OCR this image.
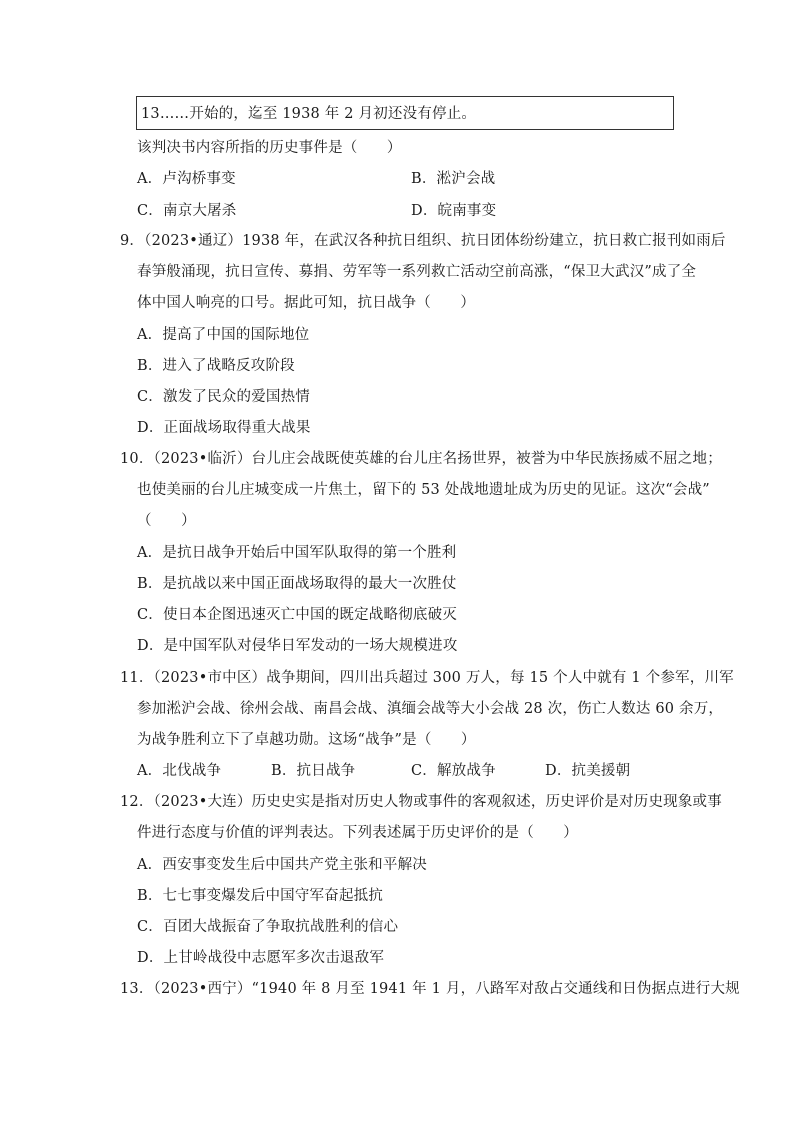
13……开始的，迄至 1938 年 2 月初还没有停止。
该判决书内容所指的历史事件是（　　）
A．卢沟桥事变	B．淞沪会战
C．南京大屠杀	D．皖南事变
9．（2023•通辽）1938 年，在武汉各种抗日组织、抗日团体纷纷建立，抗日救亡报刊如雨后
春笋般涌现，抗日宣传、募捐、劳军等一系列救亡活动空前高涨，“保卫大武汉”成了全
体中国人响亮的口号。据此可知，抗日战争（　　）
A．提高了中国的国际地位
B．进入了战略反攻阶段
C．激发了民众的爱国热情
D．正面战场取得重大战果
10．（2023•临沂）台儿庄会战既使英雄的台儿庄名扬世界，被誉为中华民族扬威不屈之地；
也使美丽的台儿庄城变成一片焦土，留下的 53 处战地遗址成为历史的见证。这次“会战”
（　　）
A．是抗日战争开始后中国军队取得的第一个胜利
B．是抗战以来中国正面战场取得的最大一次胜仗
C．使日本企图迅速灭亡中国的既定战略彻底破灭
D．是中国军队对侵华日军发动的一场大规模进攻
11．（2023•市中区）战争期间，四川出兵超过 300 万人，每 15 个人中就有 1 个参军，川军
参加淞沪会战、徐州会战、南昌会战、滇缅会战等大小会战 28 次，伤亡人数达 60 余万，
为战争胜利立下了卓越功勋。这场“战争”是（　　）
A．北伐战争	B．抗日战争	C．解放战争	D．抗美援朝
12．（2023•大连）历史史实是指对历史人物或事件的客观叙述，历史评价是对历史现象或事
件进行态度与价值的评判表达。下列表述属于历史评价的是（　　）
A．西安事变发生后中国共产党主张和平解决
B．七七事变爆发后中国守军奋起抵抗
C．百团大战振奋了争取抗战胜利的信心
D．上甘岭战役中志愿军多次击退敌军
13．（2023•西宁）“1940 年 8 月至 1941 年 1 月，八路军对敌占交通线和日伪据点进行大规
